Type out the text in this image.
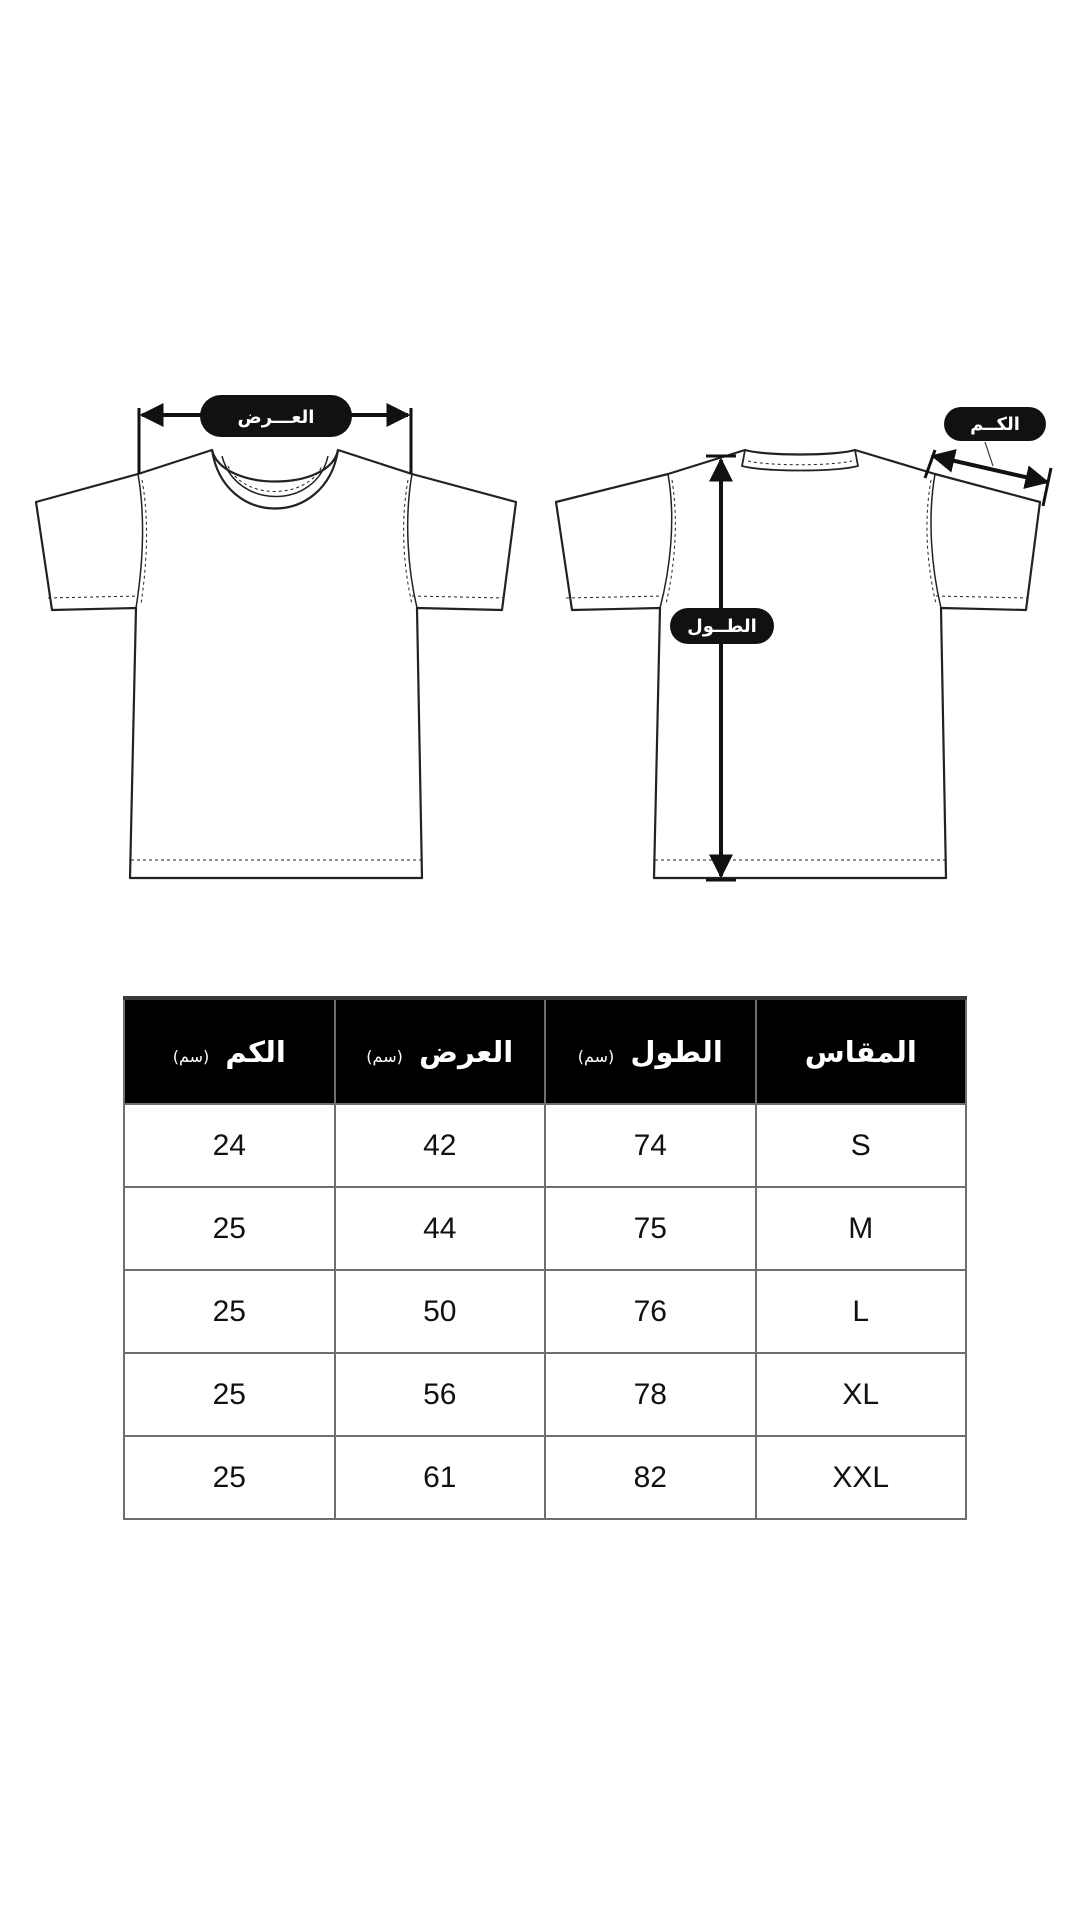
العـــرض
الطــول
الكــم
المقاس	الطول (سم)	العرض (سم)	الكم (سم)
S	74	42	24
M	75	44	25
L	76	50	25
XL	78	56	25
XXL	82	61	25
